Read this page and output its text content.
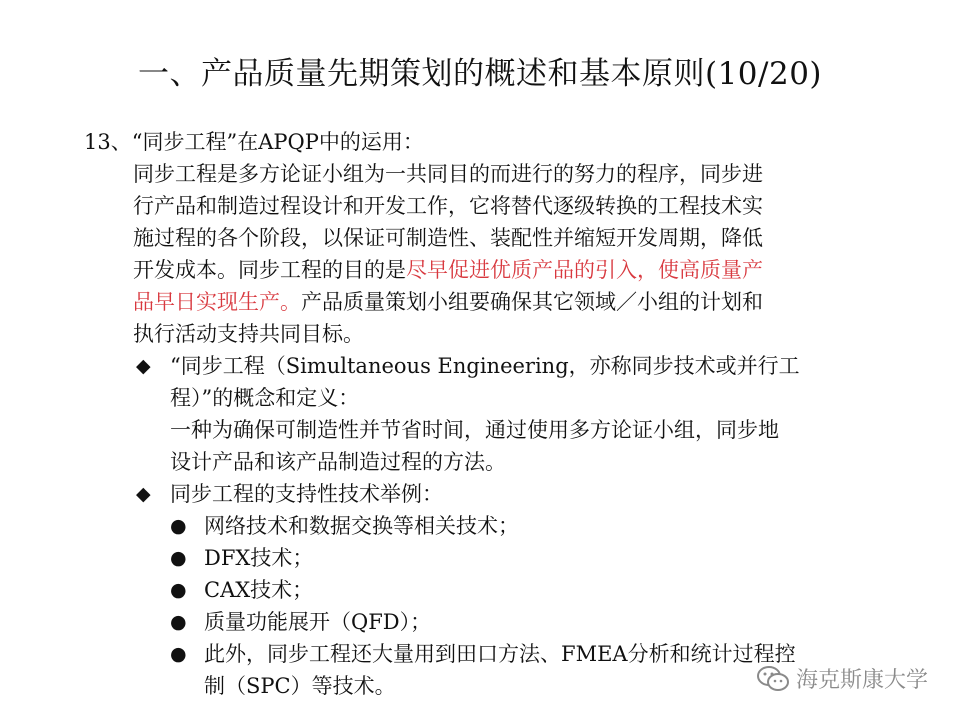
一、产品质量先期策划的概述和基本原则(10/20)
13、“同步工程”在APQP中的运用：
同步工程是多方论证小组为一共同目的而进行的努力的程序，同步进
行产品和制造过程设计和开发工作，它将替代逐级转换的工程技术实
施过程的各个阶段，以保证可制造性、装配性并缩短开发周期，降低
开发成本。同步工程的目的是尽早促进优质产品的引入，使高质量产
品早日实现生产。产品质量策划小组要确保其它领域／小组的计划和
执行活动支持共同目标。
◆ “同步工程（Simultaneous Engineering，亦称同步技术或并行工
程）”的概念和定义：
一种为确保可制造性并节省时间，通过使用多方论证小组，同步地
设计产品和该产品制造过程的方法。
◆ 同步工程的支持性技术举例：
● 网络技术和数据交换等相关技术；
● DFX技术；
● CAX技术；
● 质量功能展开（QFD）；
● 此外，同步工程还大量用到田口方法、FMEA分析和统计过程控
制（SPC）等技术。	海克斯康大学
